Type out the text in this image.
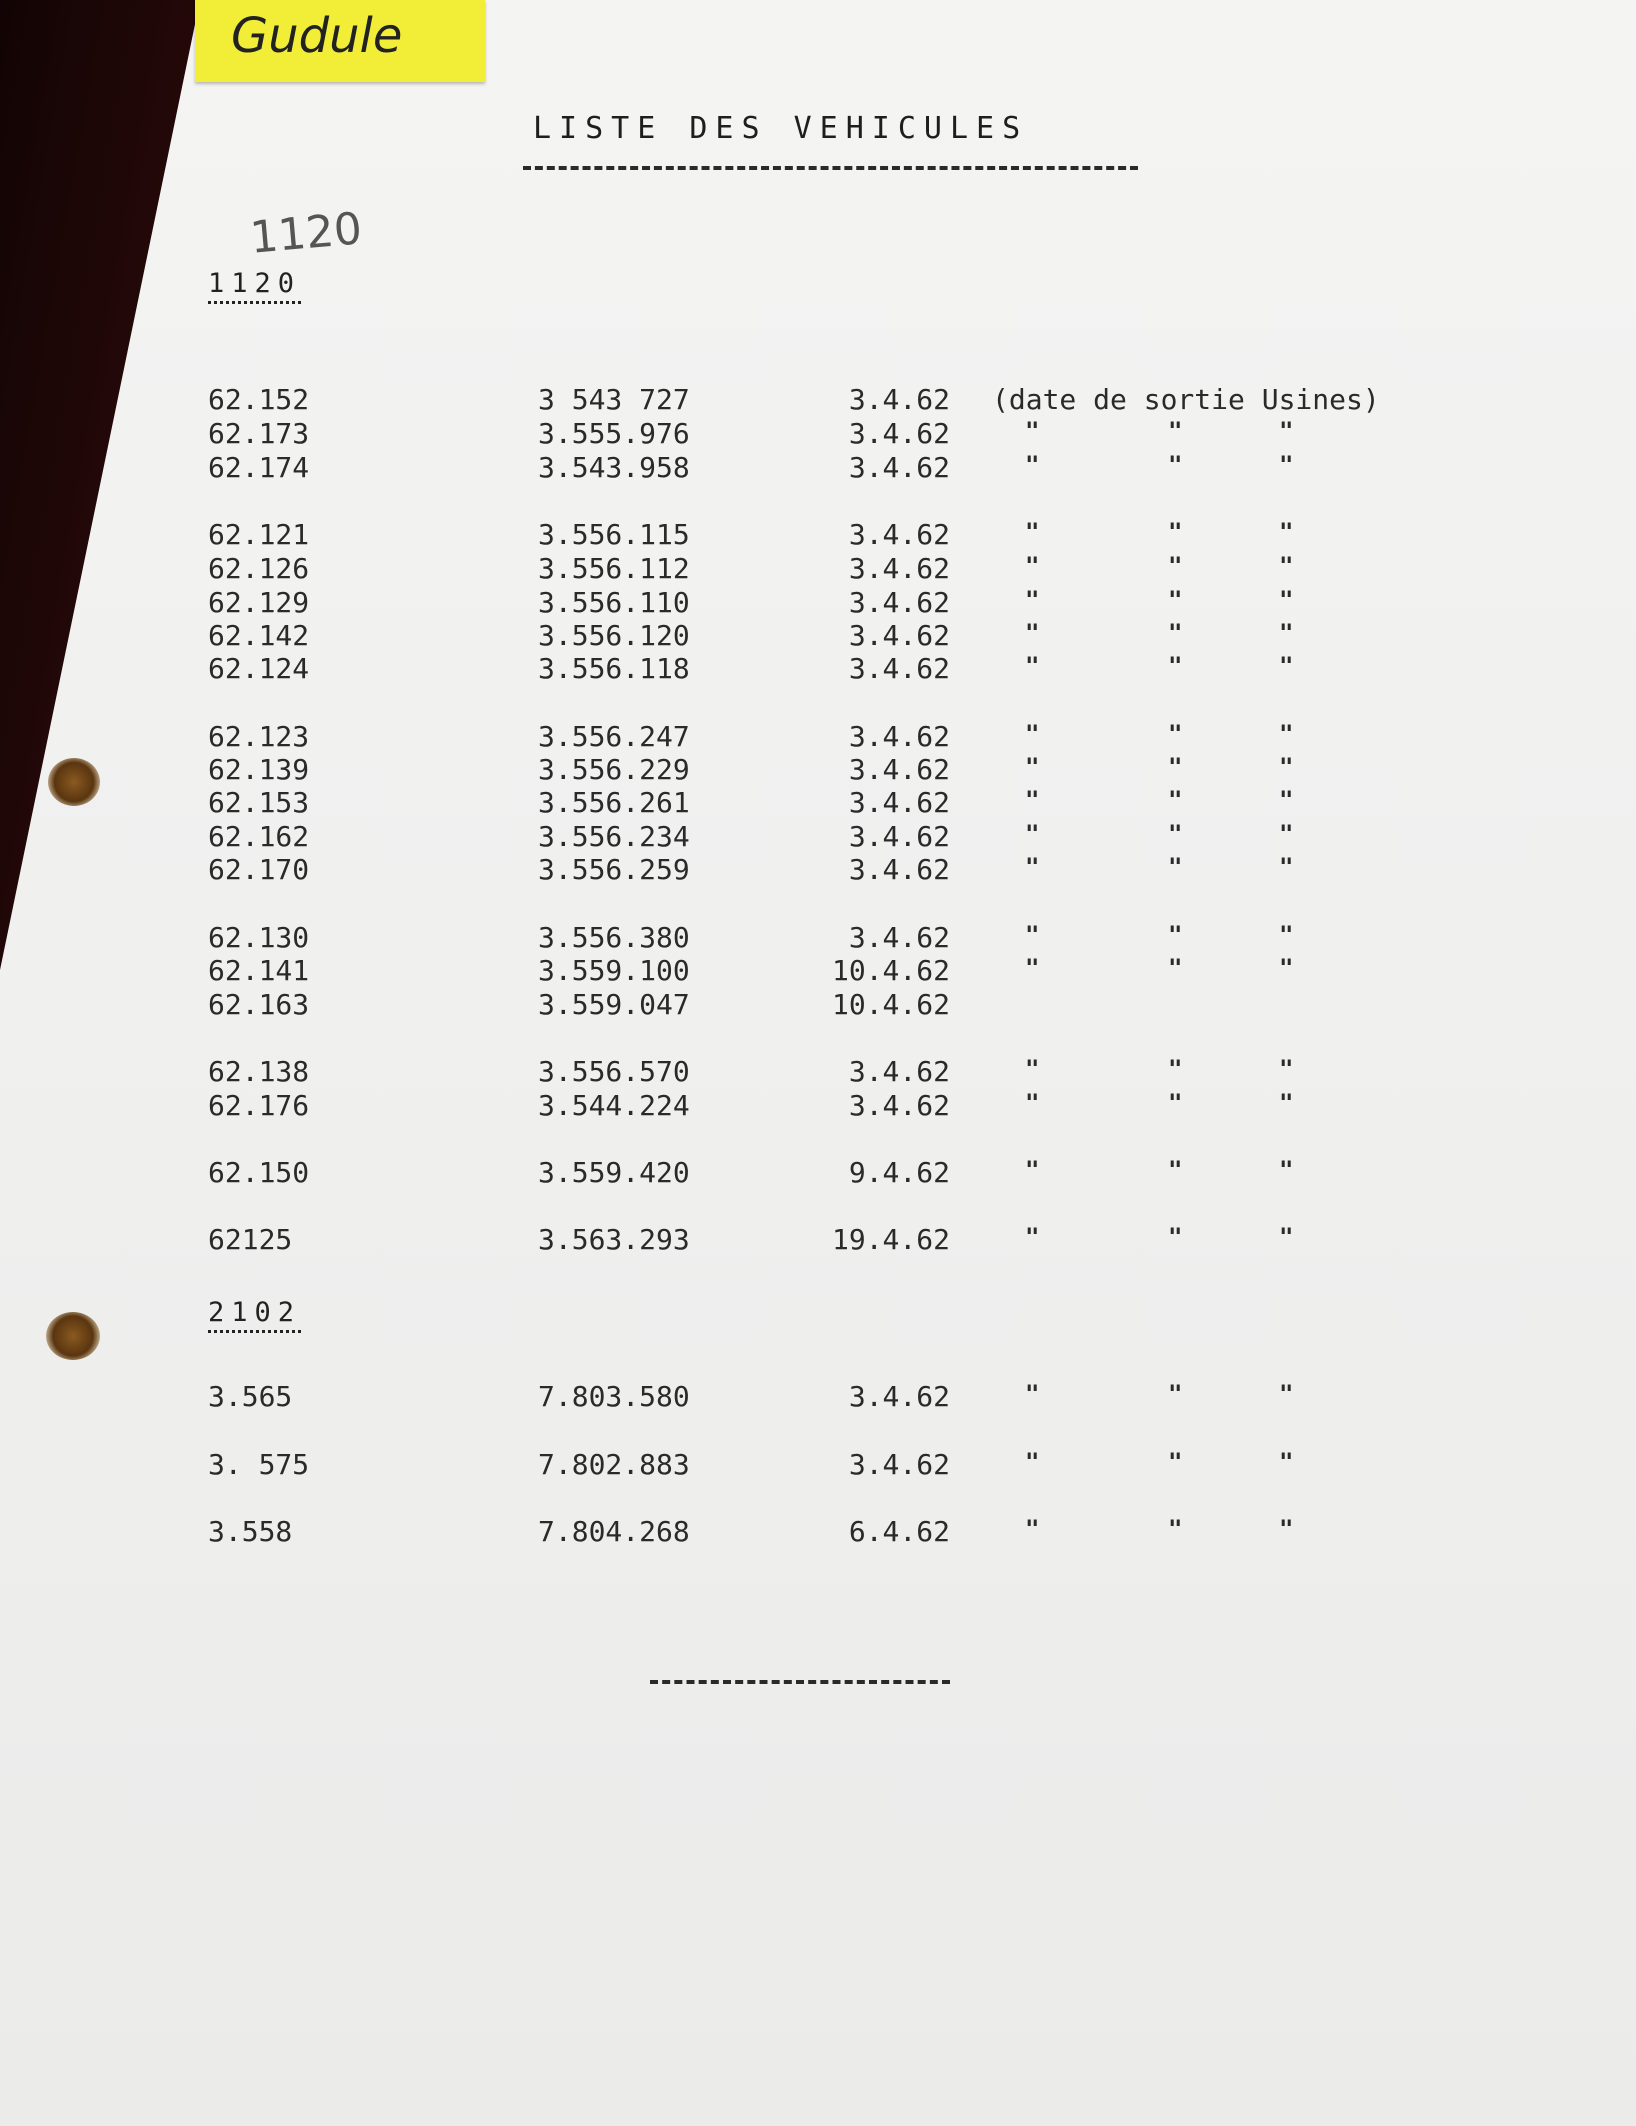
Gudule
LISTE DES VEHICULES
1120
1120
62.152	3 543 727	3.4.62 (date de sortie Usines)
62.173	3.555.976	3.4.62	"	"	"
62.174	3.543.958	3.4.62	"	"	"
62.121	3.556.115	3.4.62	"	"	"
62.126	3.556.112	3.4.62	"	"	"
62.129	3.556.110	3.4.62	"	"	"
62.142	3.556.120	3.4.62	"	"	"
62.124	3.556.118	3.4.62	"	"	"
62.123	3.556.247	3.4.62	"	"	"
62.139	3.556.229	3.4.62	"	"	"
62.153	3.556.261	3.4.62	"	"	"
62.162	3.556.234	3.4.62	"	"	"
62.170	3.556.259	3.4.62	"	"	"
62.130	3.556.380	3.4.62	"	"	"
62.141	3.559.100	10.4.62	"	"	"
62.163	3.559.047	10.4.62
62.138	3.556.570	3.4.62	"	"	"
62.176	3.544.224	3.4.62	"	"	"
62.150	3.559.420	9.4.62	"	"	"
62125	3.563.293	19.4.62	"	"	"
2102
3.565	7.803.580	3.4.62	"	"	"
3. 575	7.802.883	3.4.62	"	"	"
3.558	7.804.268	6.4.62	"	"	"
